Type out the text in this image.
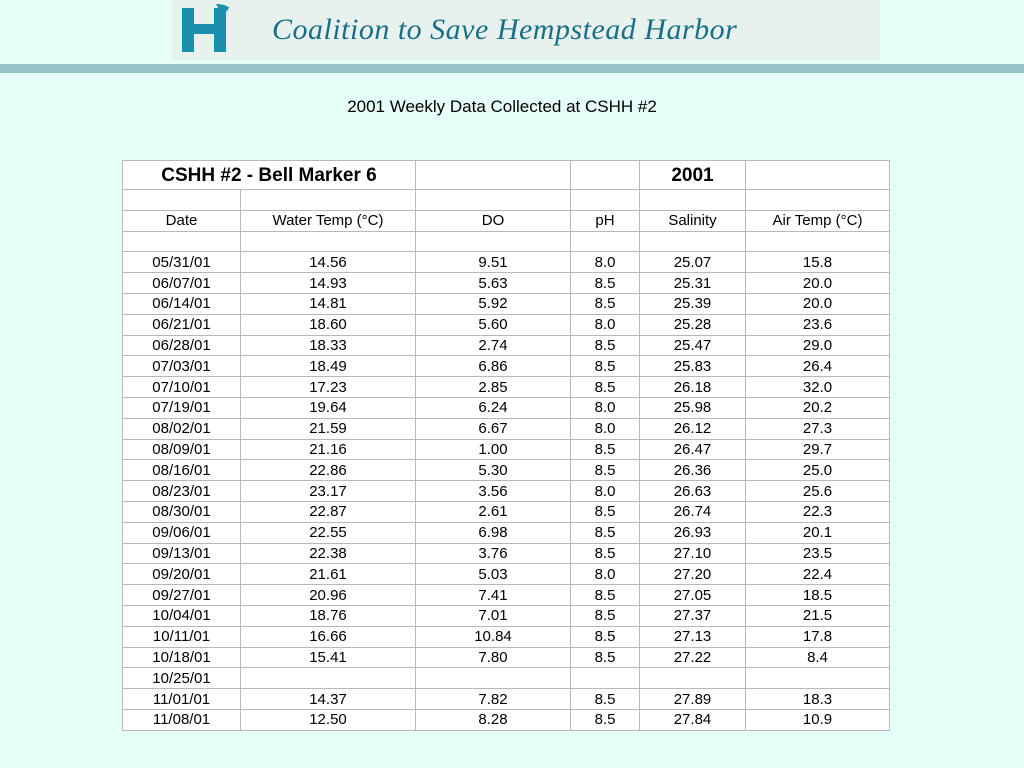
Coalition to Save Hempstead Harbor
2001 Weekly Data Collected at CSHH #2
CSHH #2 - Bell Marker 6				2001	

Date	Water Temp (°C)	DO	pH	Salinity	Air Temp (°C)

05/31/01	14.56	9.51	8.0	25.07	15.8
06/07/01	14.93	5.63	8.5	25.31	20.0
06/14/01	14.81	5.92	8.5	25.39	20.0
06/21/01	18.60	5.60	8.0	25.28	23.6
06/28/01	18.33	2.74	8.5	25.47	29.0
07/03/01	18.49	6.86	8.5	25.83	26.4
07/10/01	17.23	2.85	8.5	26.18	32.0
07/19/01	19.64	6.24	8.0	25.98	20.2
08/02/01	21.59	6.67	8.0	26.12	27.3
08/09/01	21.16	1.00	8.5	26.47	29.7
08/16/01	22.86	5.30	8.5	26.36	25.0
08/23/01	23.17	3.56	8.0	26.63	25.6
08/30/01	22.87	2.61	8.5	26.74	22.3
09/06/01	22.55	6.98	8.5	26.93	20.1
09/13/01	22.38	3.76	8.5	27.10	23.5
09/20/01	21.61	5.03	8.0	27.20	22.4
09/27/01	20.96	7.41	8.5	27.05	18.5
10/04/01	18.76	7.01	8.5	27.37	21.5
10/11/01	16.66	10.84	8.5	27.13	17.8
10/18/01	15.41	7.80	8.5	27.22	8.4
10/25/01					
11/01/01	14.37	7.82	8.5	27.89	18.3
11/08/01	12.50	8.28	8.5	27.84	10.9
